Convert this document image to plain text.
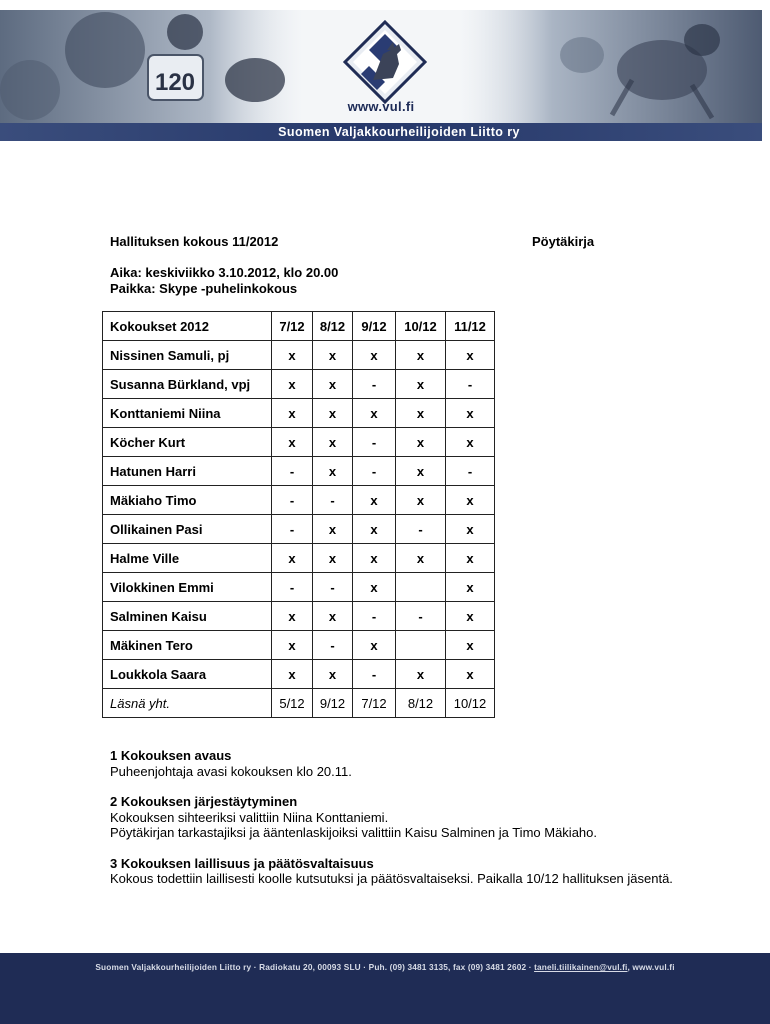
120
www.vul.fi
Suomen Valjakkourheilijoiden Liitto ry
Hallituksen kokous 11/2012	Pöytäkirja
Aika: keskiviikko 3.10.2012, klo 20.00
Paikka: Skype -puhelinkokous
Kokoukset 2012	7/12	8/12	9/12	10/12	11/12
Nissinen Samuli, pj	x	x	x	x	x
Susanna Bürkland, vpj	x	x	-	x	-
Konttaniemi Niina	x	x	x	x	x
Köcher Kurt	x	x	-	x	x
Hatunen Harri	-	x	-	x	-
Mäkiaho Timo	-	-	x	x	x
Ollikainen Pasi	-	x	x	-	x
Halme Ville	x	x	x	x	x
Vilokkinen Emmi	-	-	x		x
Salminen Kaisu	x	x	-	-	x
Mäkinen Tero	x	-	x		x
Loukkola Saara	x	x	-	x	x
Läsnä yht.	5/12	9/12	7/12	8/12	10/12
1 Kokouksen avaus
Puheenjohtaja avasi kokouksen klo 20.11.
2 Kokouksen järjestäytyminen
Kokouksen sihteeriksi valittiin Niina Konttaniemi.
Pöytäkirjan tarkastajiksi ja ääntenlaskijoiksi valittiin Kaisu Salminen ja Timo Mäkiaho.
3 Kokouksen laillisuus ja päätösvaltaisuus
Kokous todettiin laillisesti koolle kutsutuksi ja päätösvaltaiseksi. Paikalla 10/12 hallituksen jäsentä.
Suomen Valjakkourheilijoiden Liitto ry · Radiokatu 20, 00093 SLU · Puh. (09) 3481 3135, fax (09) 3481 2602 · taneli.tiilikainen@vul.fi, www.vul.fi
